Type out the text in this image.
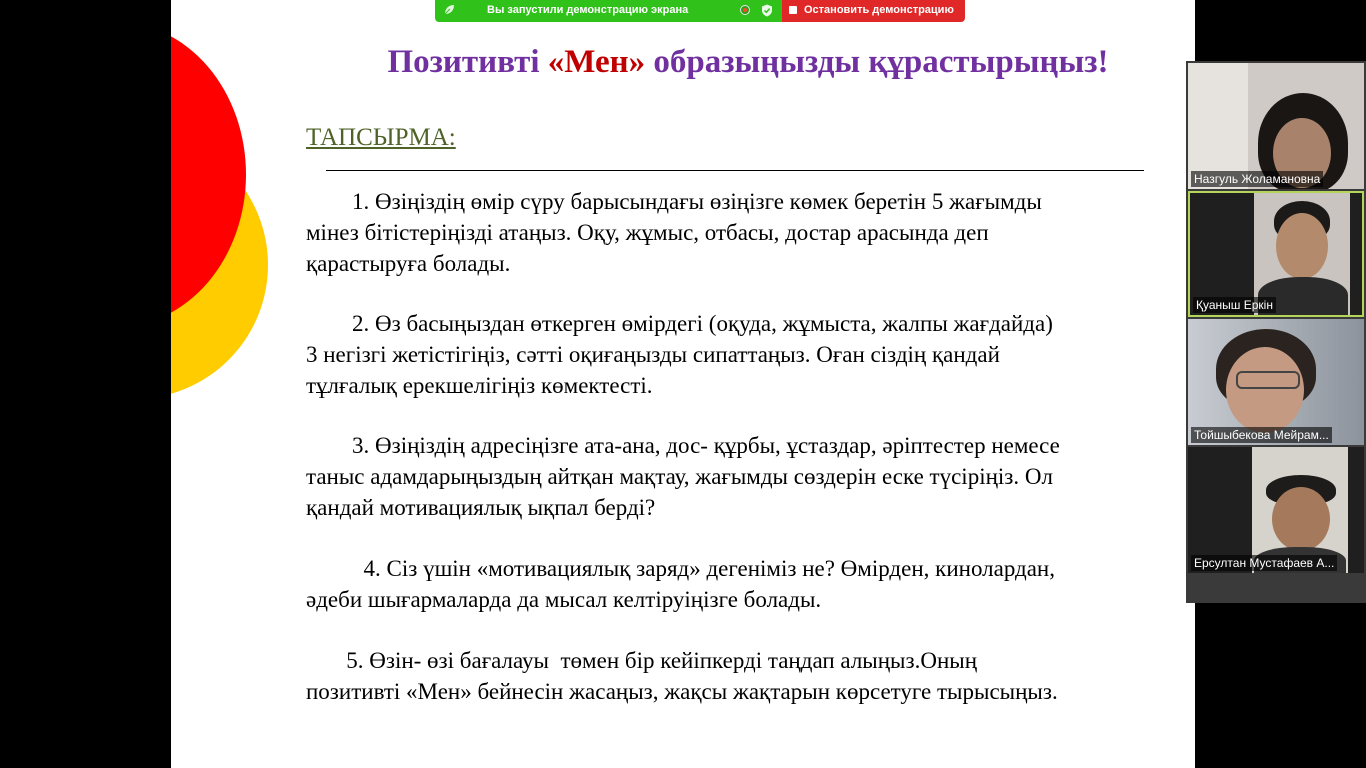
Позитивті «Мен» образыңызды құрастырыңыз!
ТАПСЫРМА:
1. Өзіңіздің өмір сүру барысындағы өзіңізге көмек беретін 5 жағымды
мінез бітістеріңізді атаңыз. Оқу, жұмыс, отбасы, достар арасында деп
қарастыруға болады.
2. Өз басыңыздан өткерген өмірдегі (оқуда, жұмыста, жалпы жағдайда)
3 негізгі жетістігіңіз, сәтті оқиғаңызды сипаттаңыз. Оған сіздің қандай
тұлғалық ерекшелігіңіз көмектесті.
3. Өзіңіздің адресіңізге ата-ана, дос- құрбы, ұстаздар, әріптестер немесе
таныс адамдарыңыздың айтқан мақтау, жағымды сөздерін еске түсіріңіз. Ол
қандай мотивациялық ықпал берді?
4. Сіз үшін «мотивациялық заряд» дегеніміз не? Өмірден, кинолардан,
әдеби шығармаларда да мысал келтіруіңізге болады.
5. Өзін- өзі бағалауы  төмен бір кейіпкерді таңдап алыңыз.Оның
позитивті «Мен» бейнесін жасаңыз, жақсы жақтарын көрсетуге тырысыңыз.
Вы запустили демонстрацию экрана	Остановить демонстрацию
Назгуль Жоламановна
Қуаныш Еркін
Тойшыбекова Мейрам...
Ерсултан Мустафаев А...
